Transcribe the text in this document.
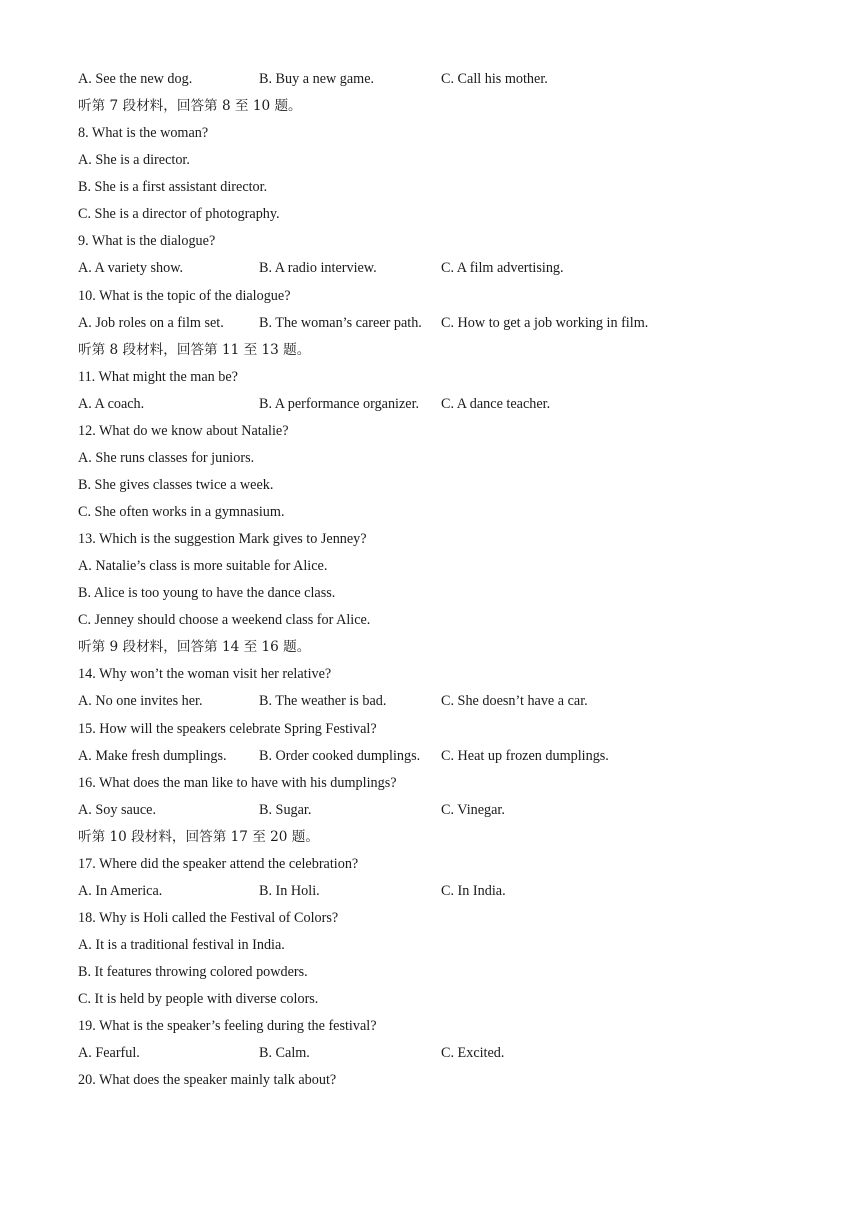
A. See the new dog.	B. Buy a new game.	C. Call his mother.
听第 7 段材料，回答第 8 至 10 题。
8. What is the woman?
A. She is a director.
B. She is a first assistant director.
C. She is a director of photography.
9. What is the dialogue?
A. A variety show.	B. A radio interview.	C. A film advertising.
10. What is the topic of the dialogue?
A. Job roles on a film set. B. The woman’s career path. C. How to get a job working in film.
听第 8 段材料，回答第 11 至 13 题。
11. What might the man be?
A. A coach.	B. A performance organizer. C. A dance teacher.
12. What do we know about Natalie?
A. She runs classes for juniors.
B. She gives classes twice a week.
C. She often works in a gymnasium.
13. Which is the suggestion Mark gives to Jenney?
A. Natalie’s class is more suitable for Alice.
B. Alice is too young to have the dance class.
C. Jenney should choose a weekend class for Alice.
听第 9 段材料，回答第 14 至 16 题。
14. Why won’t the woman visit her relative?
A. No one invites her.	B. The weather is bad.	C. She doesn’t have a car.
15. How will the speakers celebrate Spring Festival?
A. Make fresh dumplings. B. Order cooked dumplings. C. Heat up frozen dumplings.
16. What does the man like to have with his dumplings?
A. Soy sauce.	B. Sugar.	C. Vinegar.
听第 10 段材料，回答第 17 至 20 题。
17. Where did the speaker attend the celebration?
A. In America.	B. In Holi.	C. In India.
18. Why is Holi called the Festival of Colors?
A. It is a traditional festival in India.
B. It features throwing colored powders.
C. It is held by people with diverse colors.
19. What is the speaker’s feeling during the festival?
A. Fearful.	B. Calm.	C. Excited.
20. What does the speaker mainly talk about?
